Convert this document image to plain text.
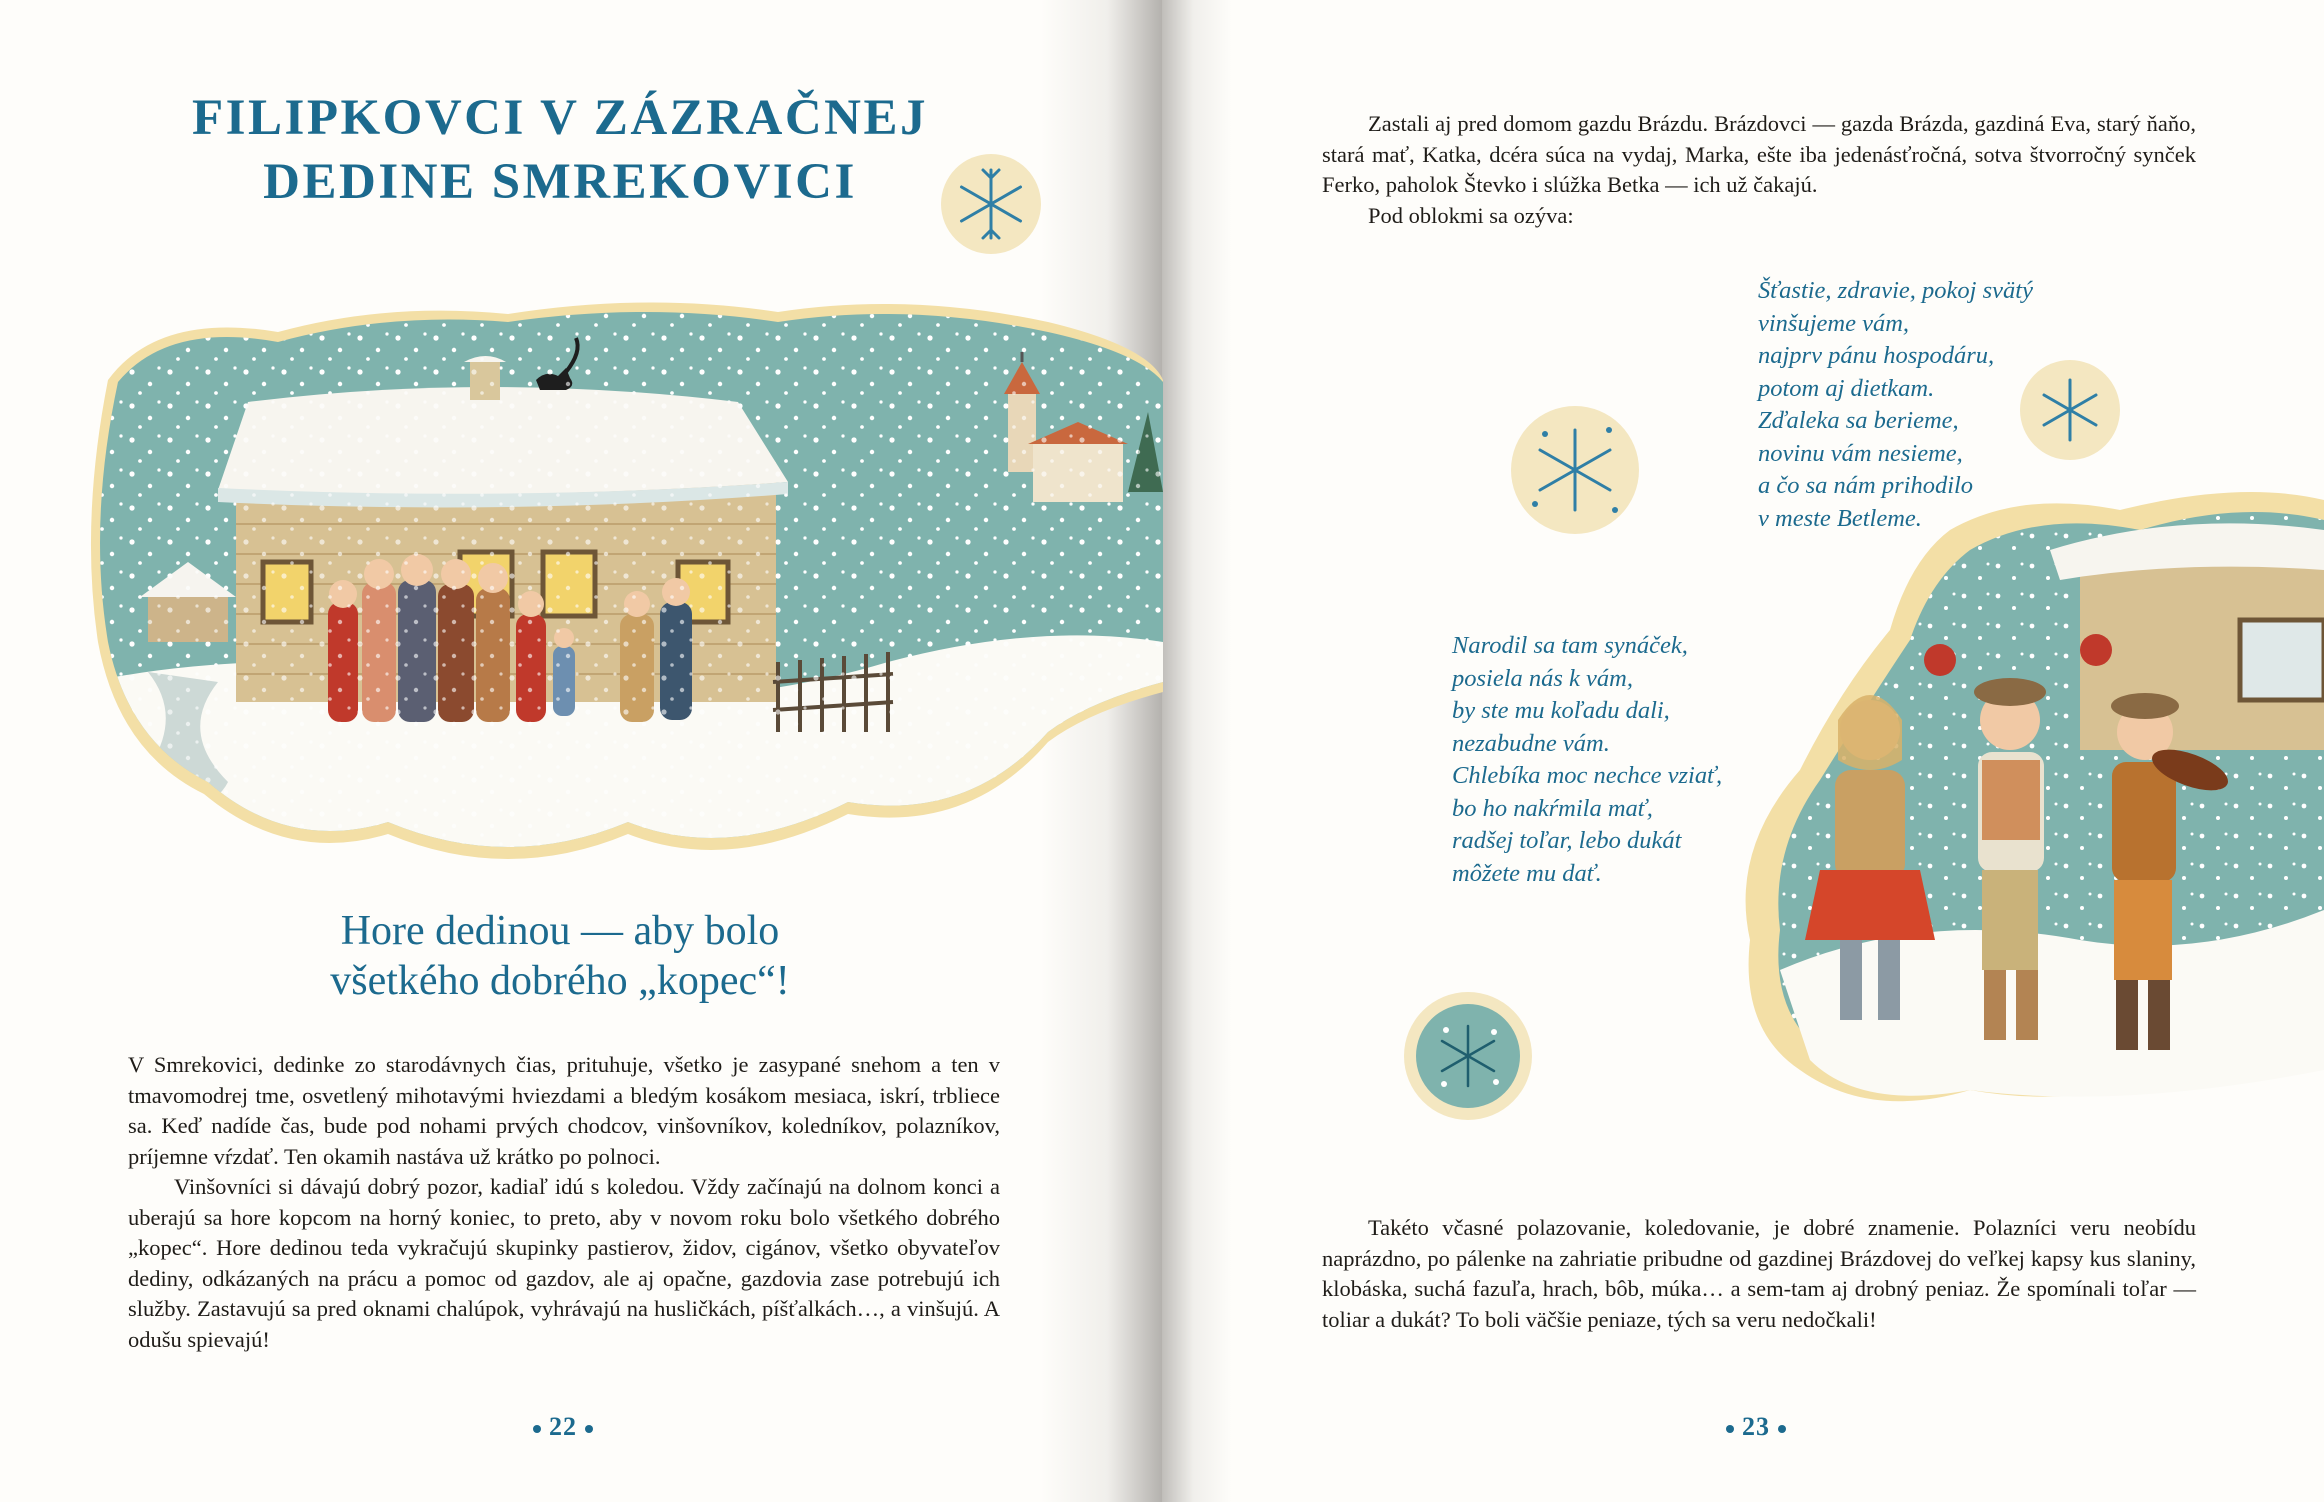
FILIPKOVCI V ZÁZRAČNEJ
DEDINE SMREKOVICI
Hore dedinou — aby bolo
všetkého dobrého „kopec“!

V Smrekovici, dedinke zo starodávnych čias, prituhuje, všetko je zasypané snehom a ten v tmavomodrej tme, osvetlený mihotavými hviezdami a bledým kosákom mesiaca, iskrí, trbliece sa. Keď nadíde čas, bude pod nohami prvých chodcov, vinšovníkov, koledníkov, polazníkov, príjemne vŕzdať. Ten okamih nastáva už krátko po polnoci.

Vinšovníci si dávajú dobrý pozor, kadiaľ idú s koledou. Vždy začínajú na dolnom konci a uberajú sa hore kopcom na horný koniec, to preto, aby v novom roku bolo všetkého dobrého „kopec“. Hore dedinou teda vykračujú skupinky pastierov, židov, cigánov, všetko obyvateľov dediny, odkázaných na prácu a pomoc od gazdov, ale aj opačne, gazdovia zase potrebujú ich služby. Zastavujú sa pred oknami chalúpok, vyhrávajú na husličkách, píšťalkách…, a vinšujú. A odušu spievajú!

22

Zastali aj pred domom gazdu Brázdu. Brázdovci — gazda Brázda, gazdiná Eva, starý ňaňo, stará mať, Katka, dcéra súca na vydaj, Marka, ešte iba jedenásťročná, sotva štvorročný synček Ferko, paholok Števko i slúžka Betka — ich už čakajú.

Pod oblokmi sa ozýva:

Šťastie, zdravie, pokoj svätý
vinšujeme vám,
najprv pánu hospodáru,
potom aj dietkam.
Zďaleka sa berieme,
novinu vám nesieme,
a čo sa nám prihodilo
v meste Betleme.
Narodil sa tam synáček,
posiela nás k vám,
by ste mu koľadu dali,
nezabudne vám.
Chlebíka moc nechce vziať,
bo ho nakŕmila mať,
radšej toľar, lebo dukát
môžete mu dať.

Takéto včasné polazovanie, koledovanie, je dobré znamenie. Polazníci veru neobídu naprázdno, po pálenke na zahriatie pribudne od gazdinej Brázdovej do veľkej kapsy kus slaniny, klobáska, suchá fazuľa, hrach, bôb, múka… a sem-tam aj drobný peniaz. Že spomínali toľar — toliar a dukát? To boli väčšie peniaze, tých sa veru nedočkali!

23
